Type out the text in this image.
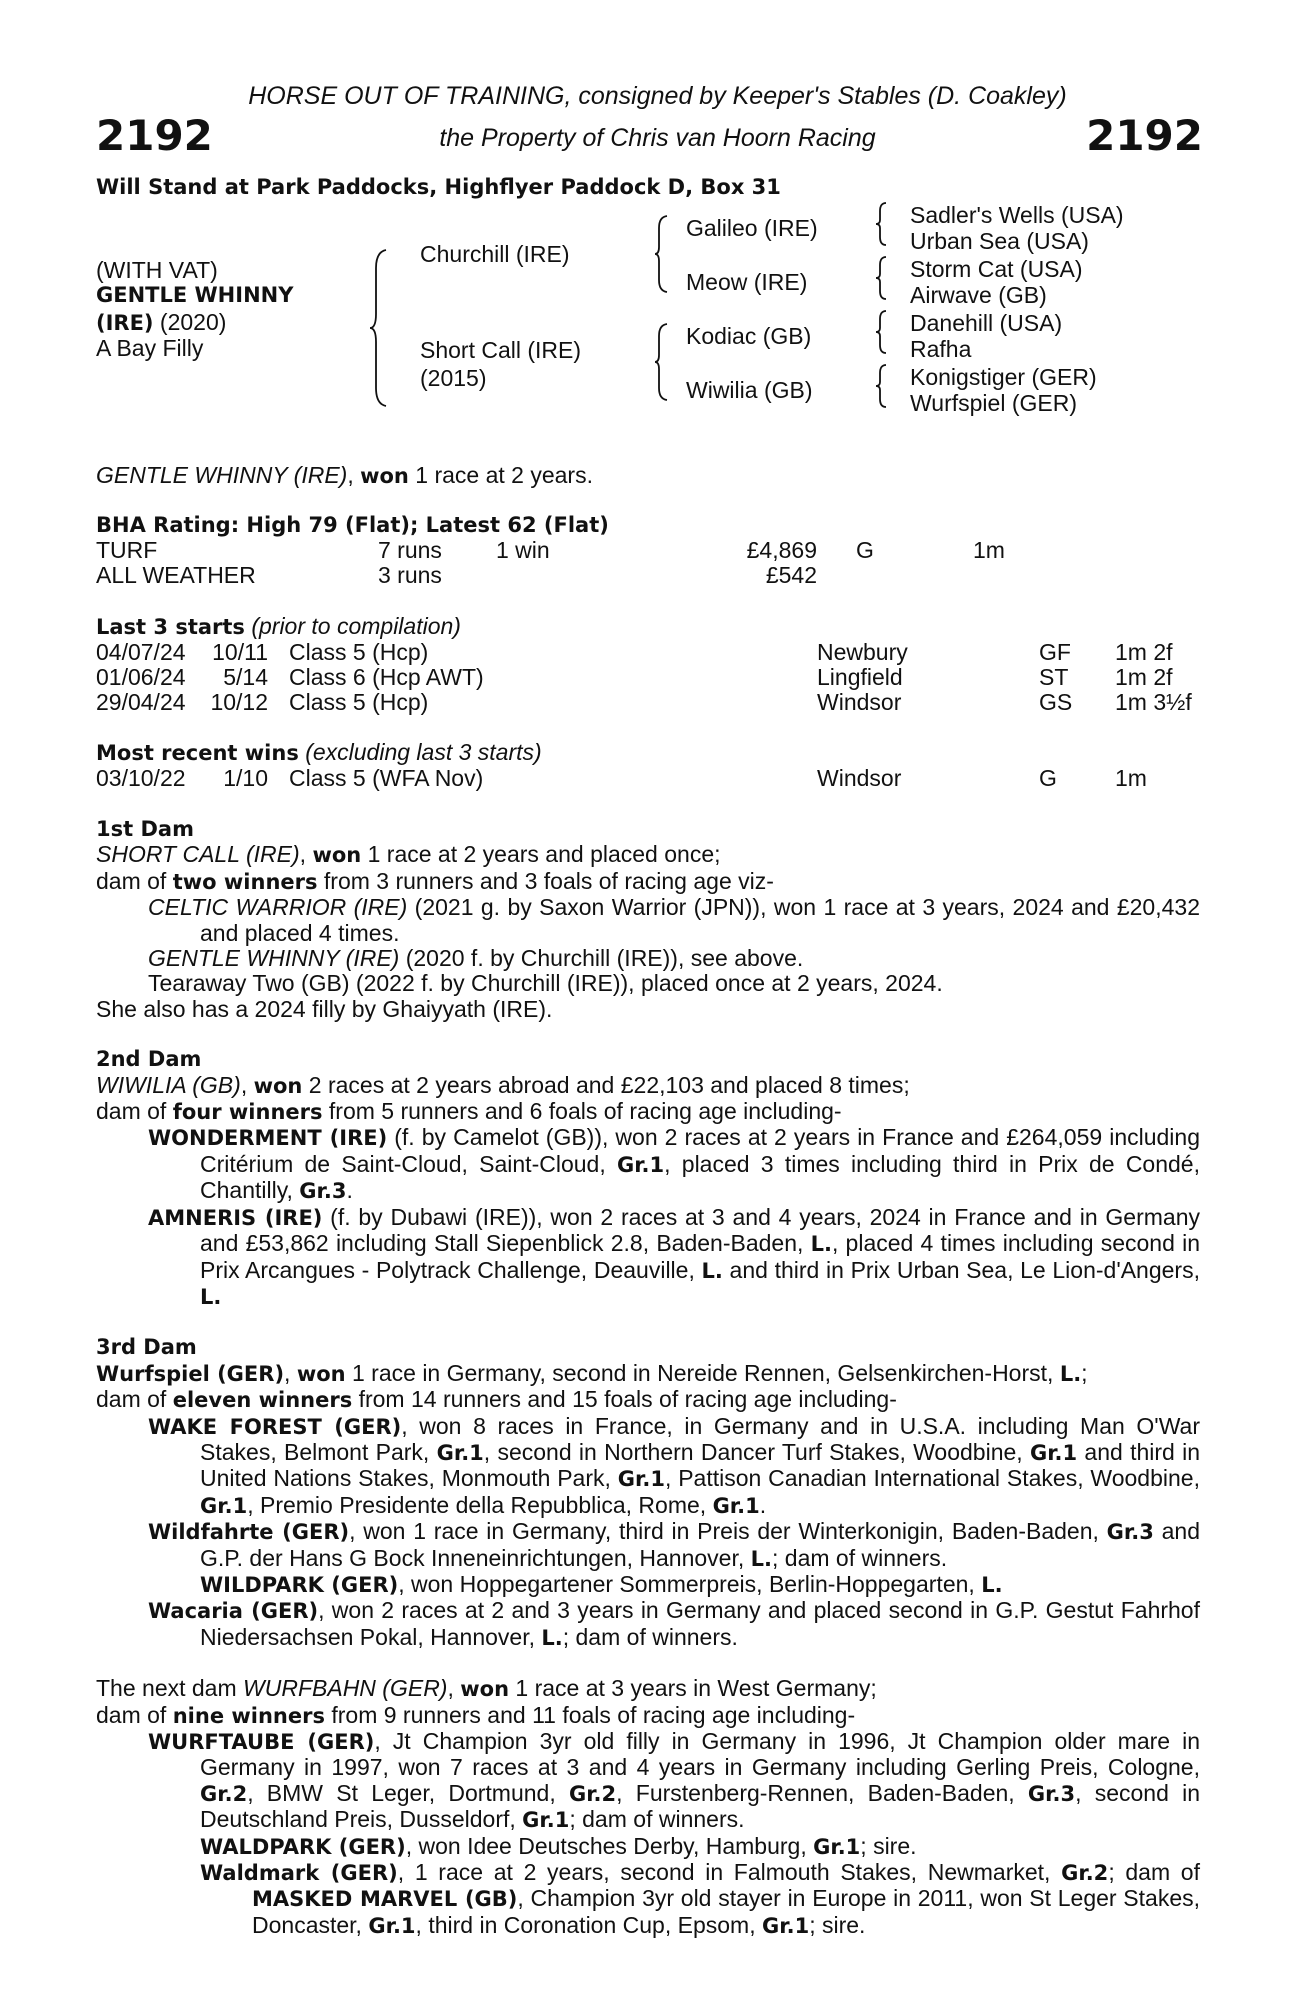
HORSE OUT OF TRAINING, consigned by Keeper's Stables (D. Coakley)
2192	the Property of Chris van Hoorn Racing	2192
Will Stand at Park Paddocks, Highflyer Paddock D, Box 31
(WITH VAT)
GENTLE WHINNY
(IRE) (2020)
A Bay Filly
Churchill (IRE)
Short Call (IRE)
(2015)
Galileo (IRE)
Meow (IRE)
Kodiac (GB)
Wiwilia (GB)
Sadler's Wells (USA)
Urban Sea (USA)
Storm Cat (USA)
Airwave (GB)
Danehill (USA)
Rafha
Konigstiger (GER)
Wurfspiel (GER)
GENTLE WHINNY (IRE), won 1 race at 2 years.
BHA Rating: High 79 (Flat); Latest 62 (Flat)
TURF	7 runs 1 win	£4,869 G	1m
ALL WEATHER	3 runs	£542
Last 3 starts (prior to compilation)
04/07/24 10/11 Class 5 (Hcp)	Newbury	GF 1m 2f
01/06/24 5/14 Class 6 (Hcp AWT)	Lingfield	ST 1m 2f
29/04/24 10/12 Class 5 (Hcp)	Windsor	GS 1m 3½f
Most recent wins (excluding last 3 starts)
03/10/22 1/10 Class 5 (WFA Nov)	Windsor	G	1m

1st Dam

SHORT CALL (IRE), won 1 race at 2 years and placed once;

dam of two winners from 3 runners and 3 foals of racing age viz-

CELTIC WARRIOR (IRE) (2021 g. by Saxon Warrior (JPN)), won 1 race at 3 years, 2024 and £20,432 and placed 4 times.

GENTLE WHINNY (IRE) (2020 f. by Churchill (IRE)), see above.

Tearaway Two (GB) (2022 f. by Churchill (IRE)), placed once at 2 years, 2024.

She also has a 2024 filly by Ghaiyyath (IRE).

2nd Dam

WIWILIA (GB), won 2 races at 2 years abroad and £22,103 and placed 8 times;

dam of four winners from 5 runners and 6 foals of racing age including-

WONDERMENT (IRE) (f. by Camelot (GB)), won 2 races at 2 years in France and £264,059 including Critérium de Saint-Cloud, Saint-Cloud, Gr.1, placed 3 times including third in Prix de Condé, Chantilly, Gr.3.

AMNERIS (IRE) (f. by Dubawi (IRE)), won 2 races at 3 and 4 years, 2024 in France and in Germany and £53,862 including Stall Siepenblick 2.8, Baden-Baden, L., placed 4 times including second in Prix Arcangues - Polytrack Challenge, Deauville, L. and third in Prix Urban Sea, Le Lion-d'Angers, L.

3rd Dam

Wurfspiel (GER), won 1 race in Germany, second in Nereide Rennen, Gelsenkirchen-Horst, L.;

dam of eleven winners from 14 runners and 15 foals of racing age including-

WAKE FOREST (GER), won 8 races in France, in Germany and in U.S.A. including Man O'War Stakes, Belmont Park, Gr.1, second in Northern Dancer Turf Stakes, Woodbine, Gr.1 and third in United Nations Stakes, Monmouth Park, Gr.1, Pattison Canadian International Stakes, Woodbine, Gr.1, Premio Presidente della Repubblica, Rome, Gr.1.

Wildfahrte (GER), won 1 race in Germany, third in Preis der Winterkonigin, Baden-Baden, Gr.3 and G.P. der Hans G Bock Inneneinrichtungen, Hannover, L.; dam of winners.

WILDPARK (GER), won Hoppegartener Sommerpreis, Berlin-Hoppegarten, L.

Wacaria (GER), won 2 races at 2 and 3 years in Germany and placed second in G.P. Gestut Fahrhof Niedersachsen Pokal, Hannover, L.; dam of winners.

The next dam WURFBAHN (GER), won 1 race at 3 years in West Germany;

dam of nine winners from 9 runners and 11 foals of racing age including-

WURFTAUBE (GER), Jt Champion 3yr old filly in Germany in 1996, Jt Champion older mare in Germany in 1997, won 7 races at 3 and 4 years in Germany including Gerling Preis, Cologne, Gr.2, BMW St Leger, Dortmund, Gr.2, Furstenberg-Rennen, Baden-Baden, Gr.3, second in Deutschland Preis, Dusseldorf, Gr.1; dam of winners.

WALDPARK (GER), won Idee Deutsches Derby, Hamburg, Gr.1; sire.

Waldmark (GER), 1 race at 2 years, second in Falmouth Stakes, Newmarket, Gr.2; dam of MASKED MARVEL (GB), Champion 3yr old stayer in Europe in 2011, won St Leger Stakes, Doncaster, Gr.1, third in Coronation Cup, Epsom, Gr.1; sire.
